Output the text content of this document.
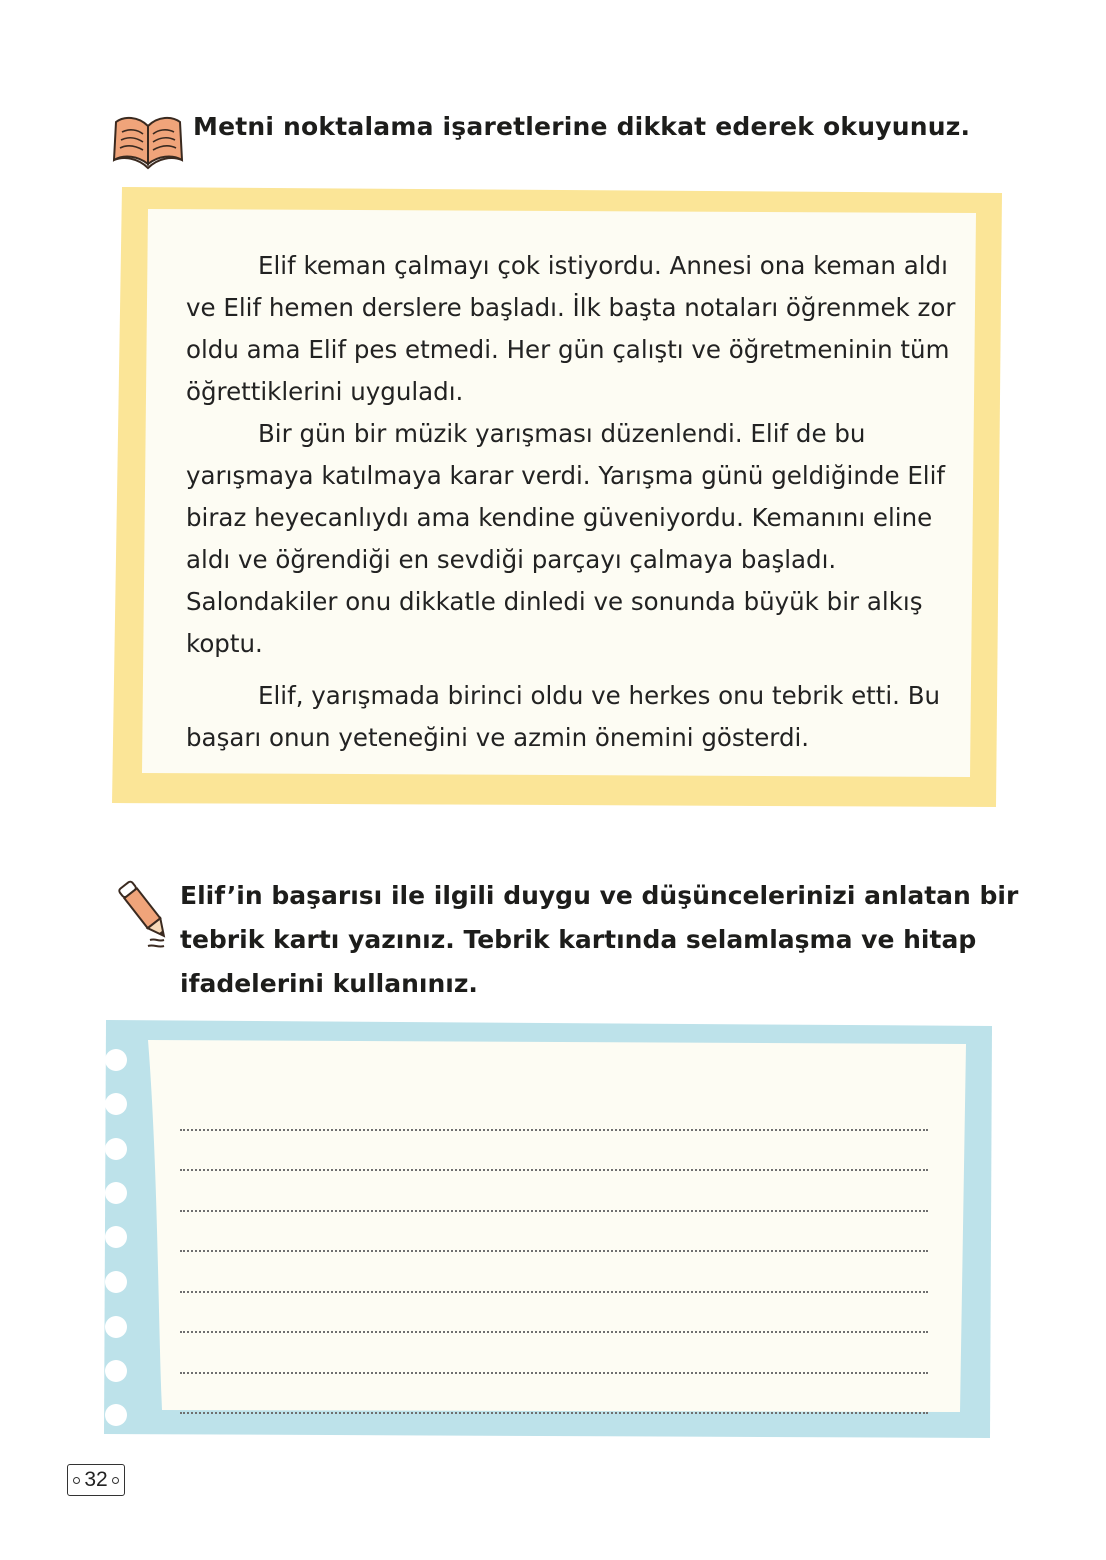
Metni noktalama işaretlerine dikkat ederek okuyunuz.

Elif keman çalmayı çok istiyordu. Annesi ona keman aldı ve Elif hemen derslere başladı. İlk başta notaları öğrenmek zor oldu ama Elif pes etmedi. Her gün çalıştı ve öğretmeninin tüm öğrettiklerini uyguladı.

Bir gün bir müzik yarışması düzenlendi. Elif de bu yarışmaya katılmaya karar verdi. Yarışma günü geldiğinde Elif biraz heyecanlıydı ama kendine güveniyordu. Kemanını eline aldı ve öğrendiği en sevdiği parçayı çalmaya başladı. Salondakiler onu dikkatle dinledi ve sonunda büyük bir alkış koptu.

Elif, yarışmada birinci oldu ve herkes onu tebrik etti. Bu başarı onun yeteneğini ve azmin önemini gösterdi.

Elif’in başarısı ile ilgili duygu ve düşüncelerinizi anlatan bir
tebrik kartı yazınız. Tebrik kartında selamlaşma ve hitap
ifadelerini kullanınız.
32
